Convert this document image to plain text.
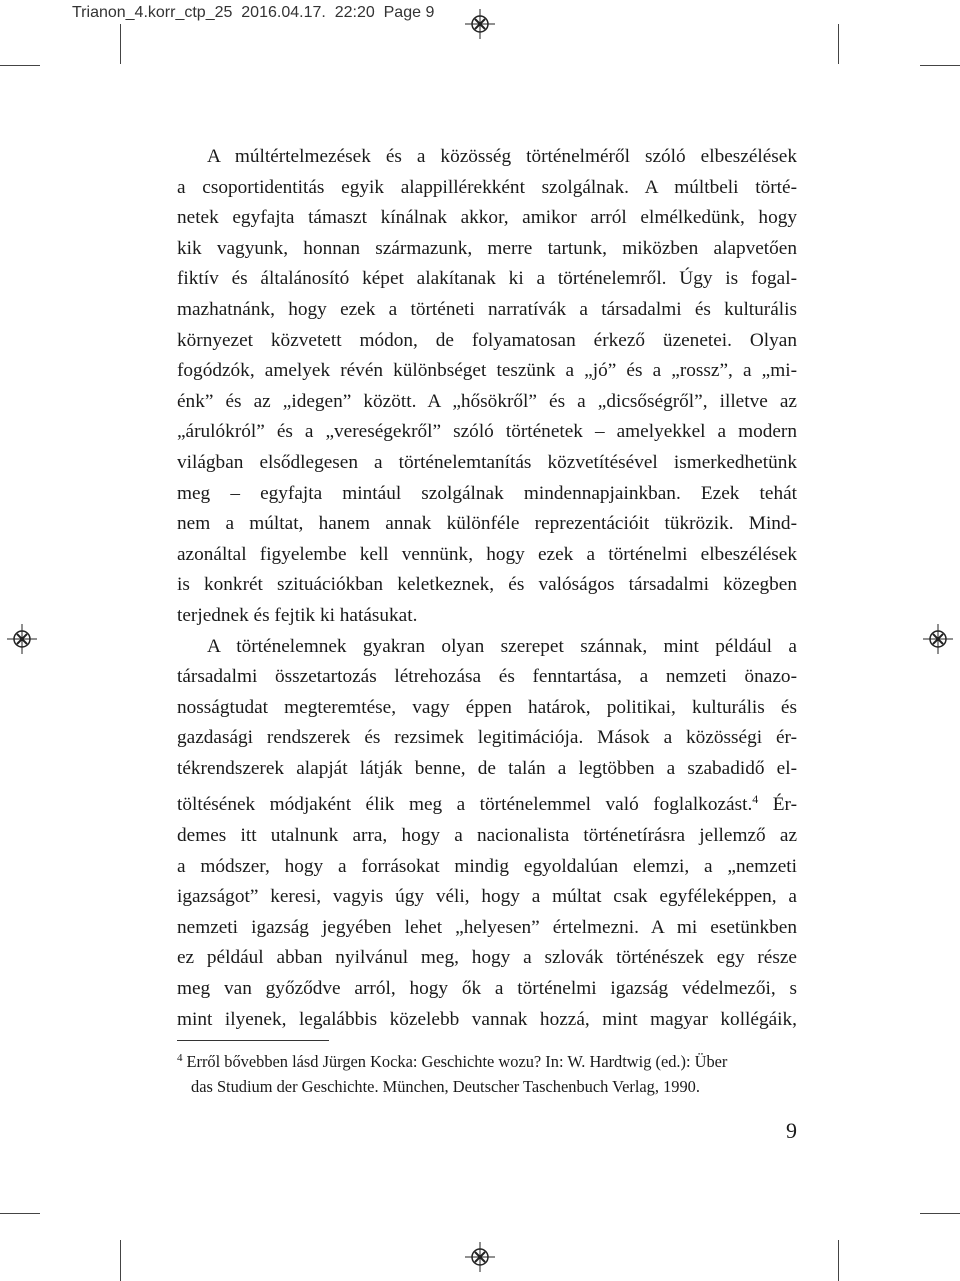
Trianon_4.korr_ctp_25  2016.04.17.  22:20  Page 9

A múltértelmezések és a közösség történelméről szóló elbeszélések
a csoportidentitás egyik alappillérekként szolgálnak. A múltbeli törté-
netek egyfajta támaszt kínálnak akkor, amikor arról elmélkedünk, hogy
kik vagyunk, honnan származunk, merre tartunk, miközben alapvetően
fiktív és általánosító képet alakítanak ki a történelemről. Úgy is fogal-
mazhatnánk, hogy ezek a történeti narratívák a társadalmi és kulturális
környezet közvetett módon, de folyamatosan érkező üzenetei. Olyan
fogódzók, amelyek révén különbséget teszünk a „jó” és a „rossz”, a „mi-
énk” és az „idegen” között. A „hősökről” és a „dicsőségről”, illetve az
„árulókról” és a „vereségekről” szóló történetek – amelyekkel a modern
világban elsődlegesen a történelemtanítás közvetítésével ismerkedhetünk
meg – egyfajta mintául szolgálnak mindennapjainkban. Ezek tehát
nem a múltat, hanem annak különféle reprezentációit tükrözik. Mind-
azonáltal figyelembe kell vennünk, hogy ezek a történelmi elbeszélések
is konkrét szituációkban keletkeznek, és valóságos társadalmi közegben
terjednek és fejtik ki hatásukat.

A történelemnek gyakran olyan szerepet szánnak, mint például a
társadalmi összetartozás létrehozása és fenntartása, a nemzeti önazo-
nosságtudat megteremtése, vagy éppen határok, politikai, kulturális és
gazdasági rendszerek és rezsimek legitimációja. Mások a közösségi ér-
tékrendszerek alapját látják benne, de talán a legtöbben a szabadidő el-
töltésének módjaként élik meg a történelemmel való foglalkozást.$^4$ Ér-
demes itt utalnunk arra, hogy a nacionalista történetírásra jellemző az
a módszer, hogy a forrásokat mindig egyoldalúan elemzi, a „nemzeti
igazságot” keresi, vagyis úgy véli, hogy a múltat csak egyféleképpen, a
nemzeti igazság jegyében lehet „helyesen” értelmezni. A mi esetünkben
ez például abban nyilvánul meg, hogy a szlovák történészek egy része
meg van győződve arról, hogy ők a történelmi igazság védelmezői, s
mint ilyenek, legalábbis közelebb vannak hozzá, mint magyar kollégáik,

$^4$ Erről bővebben lásd Jürgen Kocka: Geschichte wozu? In: W. Hardtwig (ed.): Über
das Studium der Geschichte. München, Deutscher Taschenbuch Verlag, 1990.
9
